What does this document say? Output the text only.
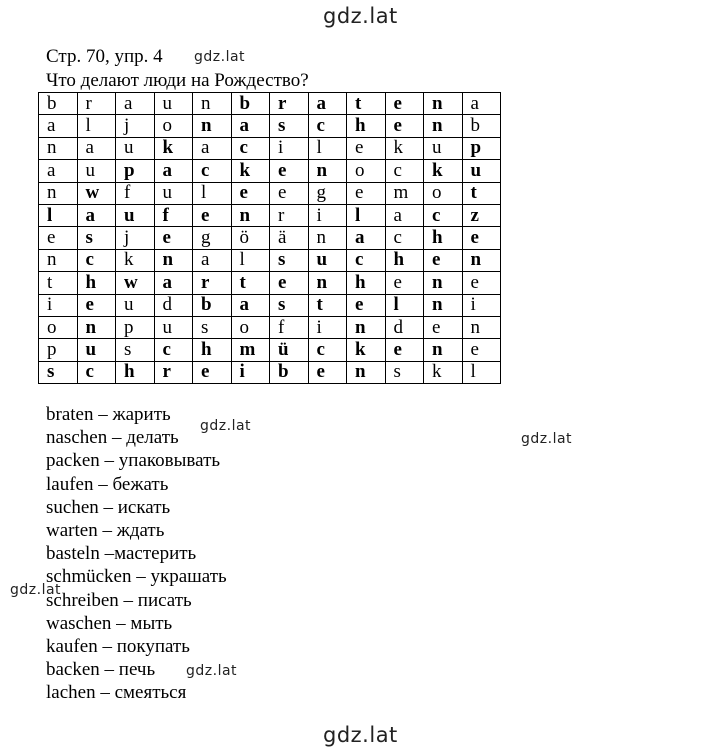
gdz.lat
Стр. 70, упр. 4 gdz.lat
Что делают люди на Рождество?
b	r	a	u	n	b	r	a	t	e	n	a
a	l	j	o	n	a	s	c	h	e	n	b
n	a	u	k	a	c	i	l	e	k	u	p
a	u	p	a	c	k	e	n	o	c	k	u
n	w	f	u	l	e	e	g	e	m	o	t
l	a	u	f	e	n	r	i	l	a	c	z
e	s	j	e	g	ö	ä	n	a	c	h	e
n	c	k	n	a	l	s	u	c	h	e	n
t	h	w	a	r	t	e	n	h	e	n	e
i	e	u	d	b	a	s	t	e	l	n	i
o	n	p	u	s	o	f	i	n	d	e	n
p	u	s	c	h	m	ü	c	k	e	n	e
s	c	h	r	e	i	b	e	n	s	k	l
braten – жарить
naschen – делать
packen – упаковывать
laufen – бежать
suchen – искать
warten – ждать
basteln –мастерить
schmücken – украшать
schreiben – писать
waschen – мыть
kaufen – покупать
backen – печь
lachen – смеяться
gdz.lat
gdz.lat
gdz.lat
gdz.lat
gdz.lat
